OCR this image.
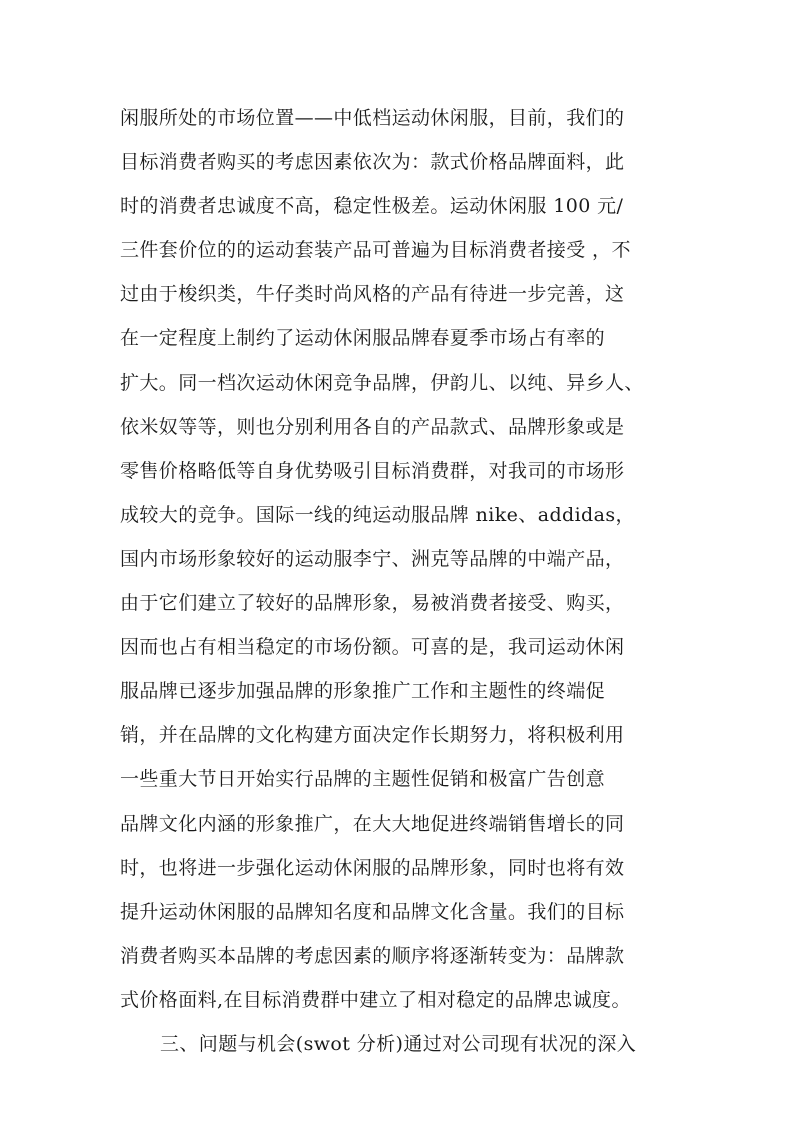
闲服所处的市场位置——中低档运动休闲服，目前，我们的
目标消费者购买的考虑因素依次为：款式价格品牌面料，此
时的消费者忠诚度不高，稳定性极差。运动休闲服 100 元/
三件套价位的的运动套装产品可普遍为目标消费者接受 ，不
过由于梭织类，牛仔类时尚风格的产品有待进一步完善，这
在一定程度上制约了运动休闲服品牌春夏季市场占有率的
扩大。同一档次运动休闲竞争品牌，伊韵儿、以纯、异乡人、
依米奴等等，则也分别利用各自的产品款式、品牌形象或是
零售价格略低等自身优势吸引目标消费群，对我司的市场形
成较大的竞争。国际一线的纯运动服品牌 nike、addidas，
国内市场形象较好的运动服李宁、洲克等品牌的中端产品，
由于它们建立了较好的品牌形象，易被消费者接受、购买，
因而也占有相当稳定的市场份额。可喜的是，我司运动休闲
服品牌已逐步加强品牌的形象推广工作和主题性的终端促
销，并在品牌的文化构建方面决定作长期努力，将积极利用
一些重大节日开始实行品牌的主题性促销和极富广告创意
品牌文化内涵的形象推广，在大大地促进终端销售增长的同
时，也将进一步强化运动休闲服的品牌形象，同时也将有效
提升运动休闲服的品牌知名度和品牌文化含量。我们的目标
消费者购买本品牌的考虑因素的顺序将逐渐转变为：品牌款
式价格面料,在目标消费群中建立了相对稳定的品牌忠诚度。
三、问题与机会(swot 分析)通过对公司现有状况的深入
